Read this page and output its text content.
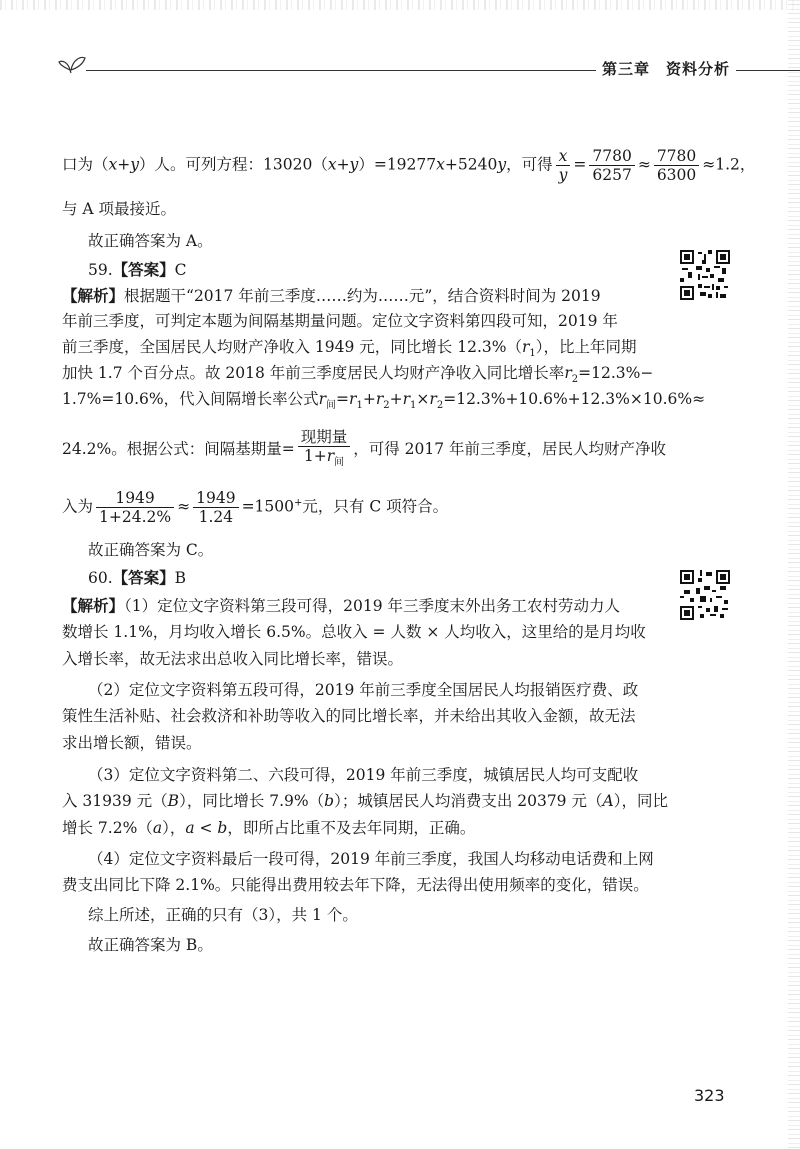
第三章　资料分析
口为（x+y）人。可列方程：13020（x+y）=19277x+5240y，可得 $\frac{x}{y} = \frac{7780}{6257} \approx \frac{7780}{6300} \approx 1.2$，
与 A 项最接近。
故正确答案为 A。
59.【答案】C
【解析】根据题干“2017 年前三季度……约为……元”，结合资料时间为 2019
年前三季度，可判定本题为间隔基期量问题。定位文字资料第四段可知，2019 年
前三季度，全国居民人均财产净收入 1949 元，同比增长 $12.3\%(r_1)$，比上年同期
加快 1.7 个百分点。故 2018 年前三季度居民人均财产净收入同比增长率$r_2=12.3\%-$
1.7%=10.6%，代入间隔增长率公式$r_间=r_1+r_2+r_1\times r_2=12.3\%+10.6\%+12.3\%\times 10.6\%\approx$
24.2%。根据公式：间隔基期量= $\frac{\text{现期量}}{1+r_间}$ ，可得 2017 年前三季度，居民人均财产净收
入为 $\frac{1949}{1+24.2\%} \approx \frac{1949}{1.24} =1500^+$元，只有 C 项符合。
故正确答案为 C。
60.【答案】B
【解析】（1）定位文字资料第三段可得，2019 年三季度末外出务工农村劳动力人
数增长 1.1%，月均收入增长 6.5%。总收入 = 人数 × 人均收入，这里给的是月均收
入增长率，故无法求出总收入同比增长率，错误。
（2）定位文字资料第五段可得，2019 年前三季度全国居民人均报销医疗费、政
策性生活补贴、社会救济和补助等收入的同比增长率，并未给出其收入金额，故无法
求出增长额，错误。
（3）定位文字资料第二、六段可得，2019 年前三季度，城镇居民人均可支配收
入 31939 元（B），同比增长 7.9%（b）；城镇居民人均消费支出 20379 元（A），同比
增长 7.2%（a），a < b，即所占比重不及去年同期，正确。
（4）定位文字资料最后一段可得，2019 年前三季度，我国人均移动电话费和上网
费支出同比下降 2.1%。只能得出费用较去年下降，无法得出使用频率的变化，错误。
综上所述，正确的只有（3），共 1 个。
故正确答案为 B。
323
